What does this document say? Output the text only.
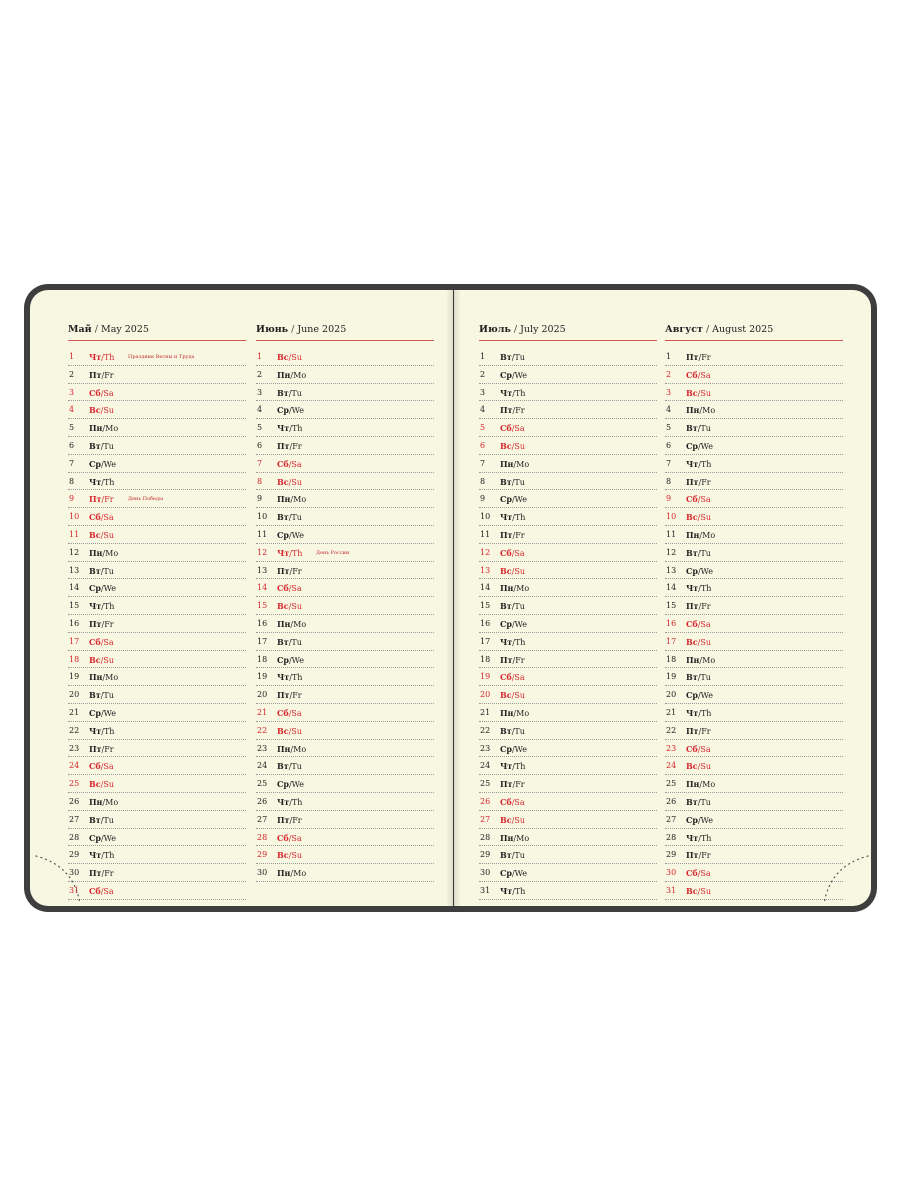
Май / May 2025
1 Чт/Th	Праздник Весны и Труда
2 Пт/Fr
3 Сб/Sa
4 Вс/Su
5 Пн/Mo
6 Вт/Tu
7 Ср/We
8 Чт/Th
9 Пт/Fr	День Победы
10 Сб/Sa
11 Вс/Su
12 Пн/Mo
13 Вт/Tu
14 Ср/We
15 Чт/Th
16 Пт/Fr
17 Сб/Sa
18 Вс/Su
19 Пн/Mo
20 Вт/Tu
21 Ср/We
22 Чт/Th
23 Пт/Fr
24 Сб/Sa
25 Вс/Su
26 Пн/Mo
27 Вт/Tu
28 Ср/We
29 Чт/Th
30 Пт/Fr
31 Сб/Sa
Июнь / June 2025
1 Вс/Su
2 Пн/Mo
3 Вт/Tu
4 Ср/We
5 Чт/Th
6 Пт/Fr
7 Сб/Sa
8 Вс/Su
9 Пн/Mo
10 Вт/Tu
11 Ср/We
12 Чт/Th	День России
13 Пт/Fr
14 Сб/Sa
15 Вс/Su
16 Пн/Mo
17 Вт/Tu
18 Ср/We
19 Чт/Th
20 Пт/Fr
21 Сб/Sa
22 Вс/Su
23 Пн/Mo
24 Вт/Tu
25 Ср/We
26 Чт/Th
27 Пт/Fr
28 Сб/Sa
29 Вс/Su
30 Пн/Mo
Июль / July 2025
1 Вт/Tu
2 Ср/We
3 Чт/Th
4 Пт/Fr
5 Сб/Sa
6 Вс/Su
7 Пн/Mo
8 Вт/Tu
9 Ср/We
10 Чт/Th
11 Пт/Fr
12 Сб/Sa
13 Вс/Su
14 Пн/Mo
15 Вт/Tu
16 Ср/We
17 Чт/Th
18 Пт/Fr
19 Сб/Sa
20 Вс/Su
21 Пн/Mo
22 Вт/Tu
23 Ср/We
24 Чт/Th
25 Пт/Fr
26 Сб/Sa
27 Вс/Su
28 Пн/Mo
29 Вт/Tu
30 Ср/We
31 Чт/Th
Август / August 2025
1 Пт/Fr
2 Сб/Sa
3 Вс/Su
4 Пн/Mo
5 Вт/Tu
6 Ср/We
7 Чт/Th
8 Пт/Fr
9 Сб/Sa
10 Вс/Su
11 Пн/Mo
12 Вт/Tu
13 Ср/We
14 Чт/Th
15 Пт/Fr
16 Сб/Sa
17 Вс/Su
18 Пн/Mo
19 Вт/Tu
20 Ср/We
21 Чт/Th
22 Пт/Fr
23 Сб/Sa
24 Вс/Su
25 Пн/Mo
26 Вт/Tu
27 Ср/We
28 Чт/Th
29 Пт/Fr
30 Сб/Sa
31 Вс/Su
